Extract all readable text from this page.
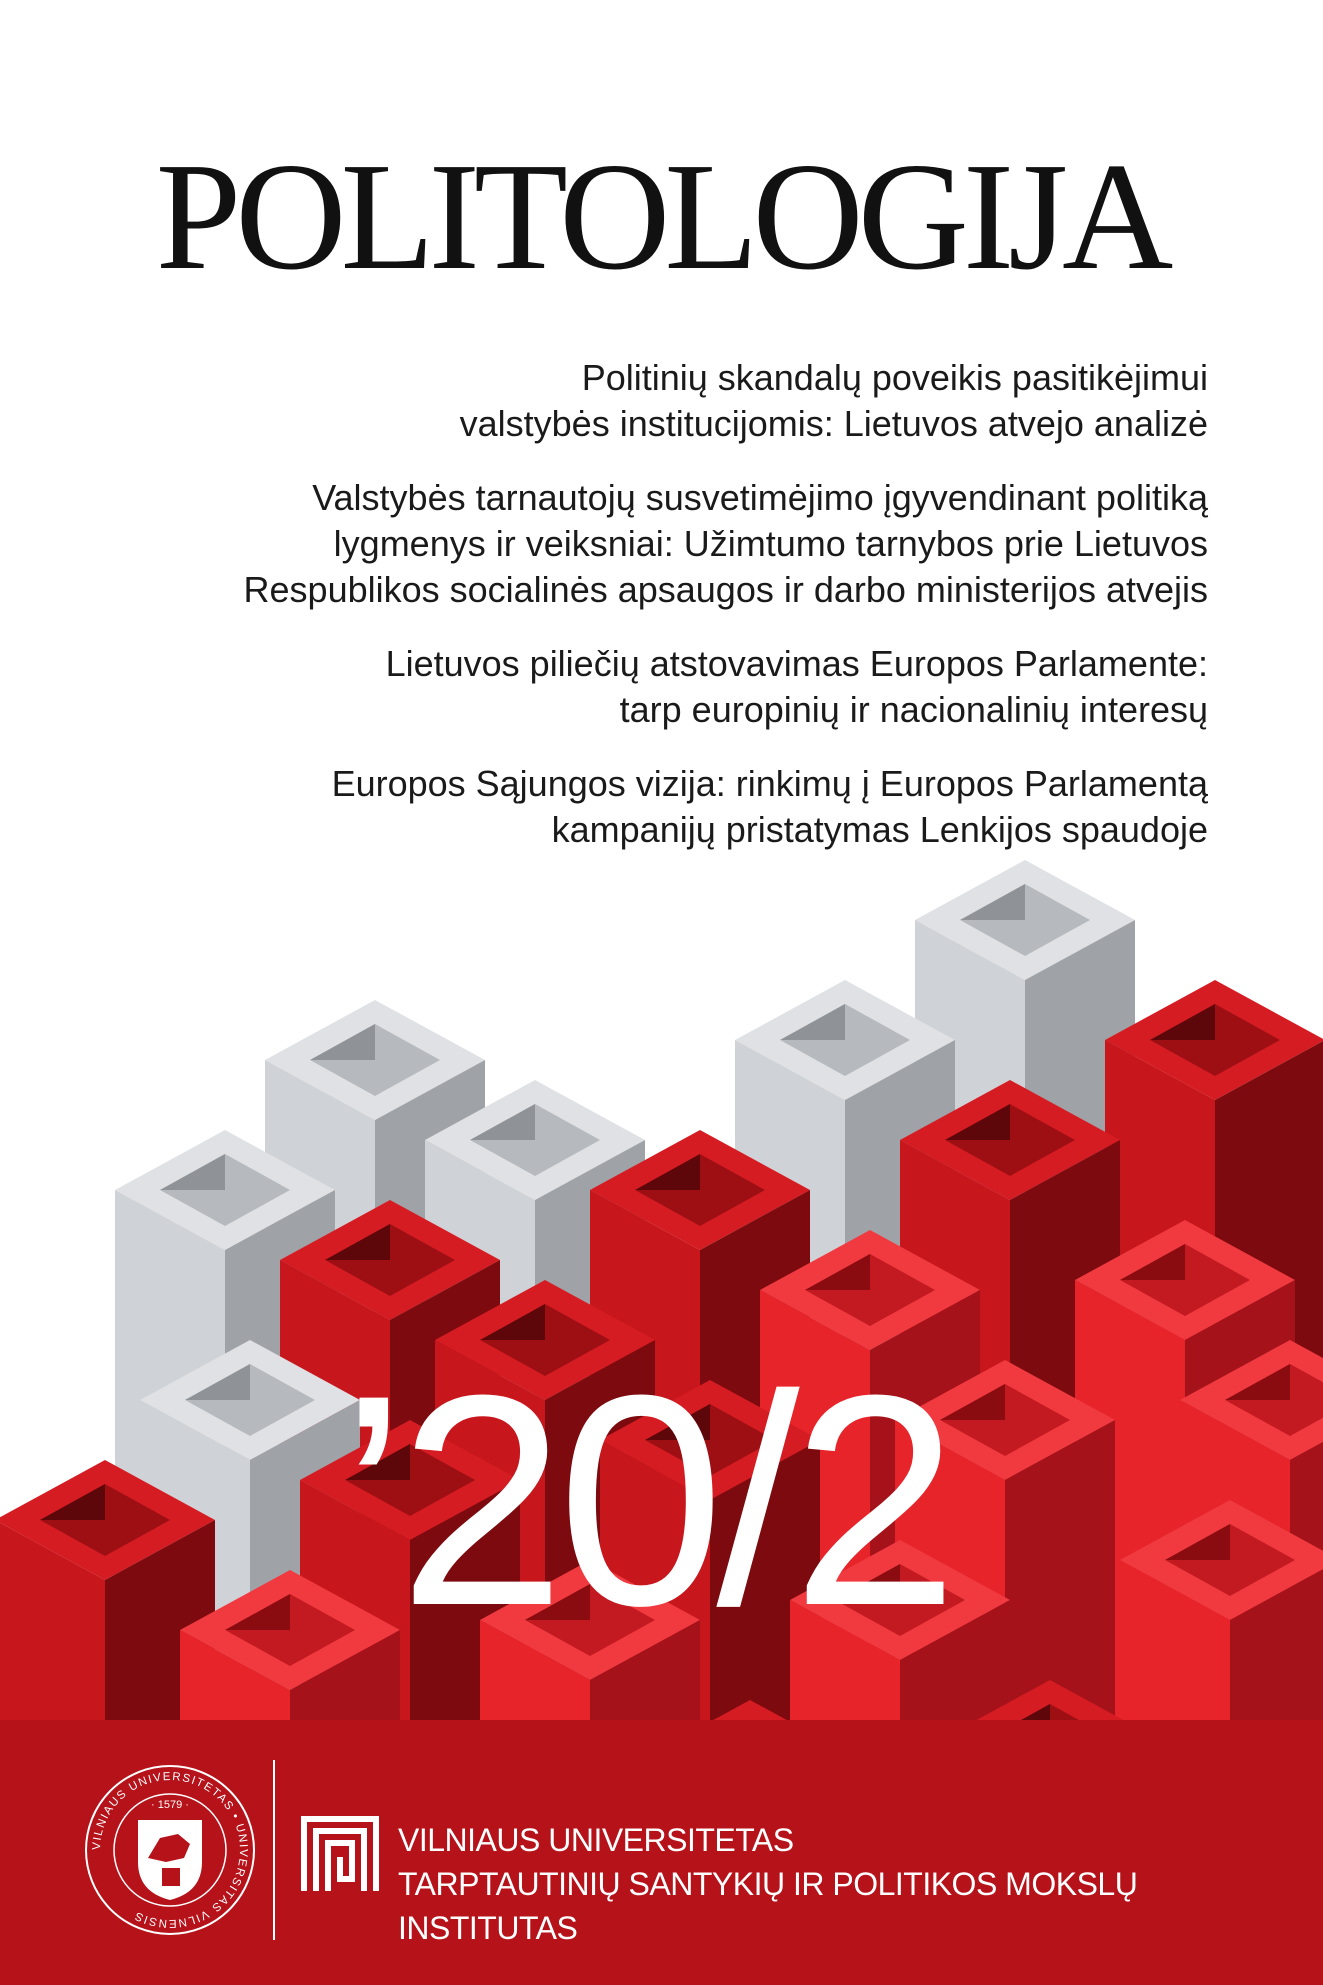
POLITOLOGIJA

Politinių skandalų poveikis pasitikėjimui
valstybės institucijomis: Lietuvos atvejo analizė

Valstybės tarnautojų susvetimėjimo įgyvendinant politiką
lygmenys ir veiksniai: Užimtumo tarnybos prie Lietuvos
Respublikos socialinės apsaugos ir darbo ministerijos atvejis

Lietuvos piliečių atstovavimas Europos Parlamente:
tarp europinių ir nacionalinių interesų

Europos Sąjungos vizija: rinkimų į Europos Parlamentą
kampanijų pristatymas Lenkijos spaudoje

’20/2
VILNIAUS UNIVERSITETAS • UNIVERSITAS VILNENSIS
· 1579 ·
VILNIAUS UNIVERSITETAS
TARPTAUTINIŲ SANTYKIŲ IR POLITIKOS MOKSLŲ INSTITUTAS
